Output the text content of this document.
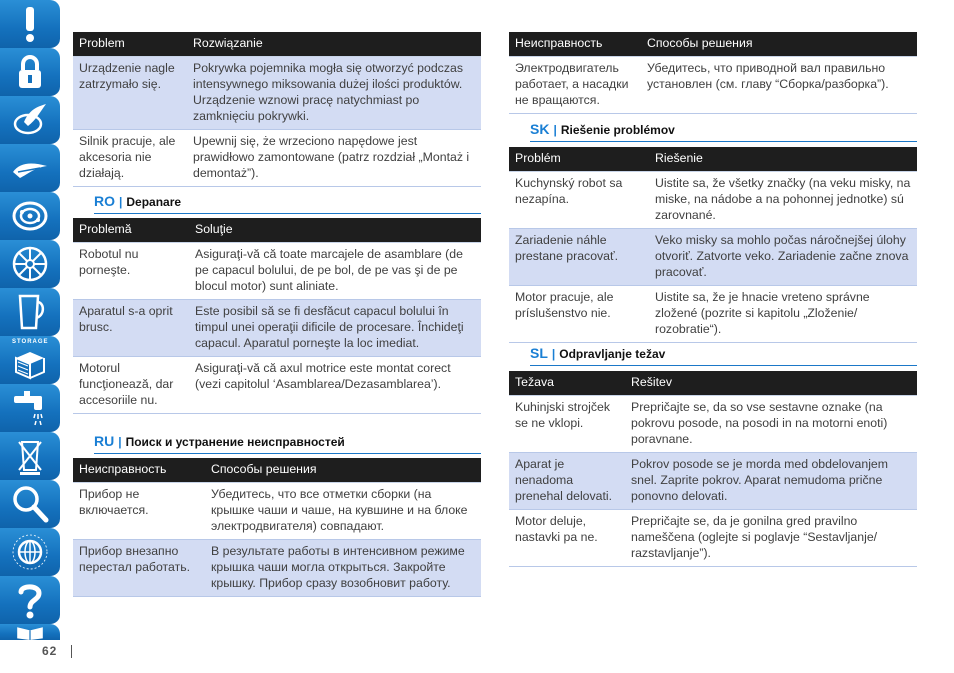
STORAGE
62
Problem	Rozwiązanie
Urządzenie nagle zatrzymało się.	Pokrywka pojemnika mogła się otworzyć podczas intensywnego miksowania dużej ilości produktów. Urządzenie wznowi pracę natychmiast po zamknięciu pokrywki.
Silnik pracuje, ale akcesoria nie działają.	Upewnij się, że wrzeciono napędowe jest prawidłowo zamontowane (patrz rozdział „Montaż i demontaż”).
RO | Depanare
Problemă	Soluţie
Robotul nu porneşte.	Asiguraţi-vă că toate marcajele de asamblare (de pe capacul bolului, de pe bol, de pe vas şi de pe blocul motor) sunt aliniate.
Aparatul s-a oprit brusc.	Este posibil să se fi desfăcut capacul bolului în timpul unei operaţii dificile de procesare. Închideţi capacul. Aparatul porneşte la loc imediat.
Motorul funcţionează, dar accesoriile nu.	Asiguraţi-vă că axul motrice este montat corect (vezi capitolul ‘Asamblarea/Dezasamblarea’).
RU | Поиск и устранение неисправностей
Неисправность	Способы решения
Прибор не включается.	Убедитесь, что все отметки сборки (на крышке чаши и чаше, на кувшине и на блоке электродвигателя) совпадают.
Прибор внезапно перестал работать.	В результате работы в интенсивном режиме крышка чаши могла открыться. Закройте крышку. Прибор сразу возобновит работу.
Неисправность	Способы решения
Электродвигатель работает, а насадки не вращаются.	Убедитесь, что приводной вал правильно установлен (см. главу “Сборка/разборка”).
SK | Riešenie problémov
Problém	Riešenie
Kuchynský robot sa nezapína.	Uistite sa, že všetky značky (na veku misky, na miske, na nádobe a na pohonnej jednotke) sú zarovnané.
Zariadenie náhle prestane pracovať.	Veko misky sa mohlo počas náročnejšej úlohy otvoriť. Zatvorte veko. Zariadenie začne znova pracovať.
Motor pracuje, ale príslušenstvo nie.	Uistite sa, že je hnacie vreteno správne zložené (pozrite si kapitolu „Zloženie/ rozobratie“).
SL | Odpravljanje težav
Težava	Rešitev
Kuhinjski strojček se ne vklopi.	Prepričajte se, da so vse sestavne oznake (na pokrovu posode, na posodi in na motorni enoti) poravnane.
Aparat je nenadoma prenehal delovati.	Pokrov posode se je morda med obdelovanjem snel. Zaprite pokrov. Aparat nemudoma prične ponovno delovati.
Motor deluje, nastavki pa ne.	Prepričajte se, da je gonilna gred pravilno nameščena (oglejte si poglavje “Sestavljanje/ razstavljanje”).
